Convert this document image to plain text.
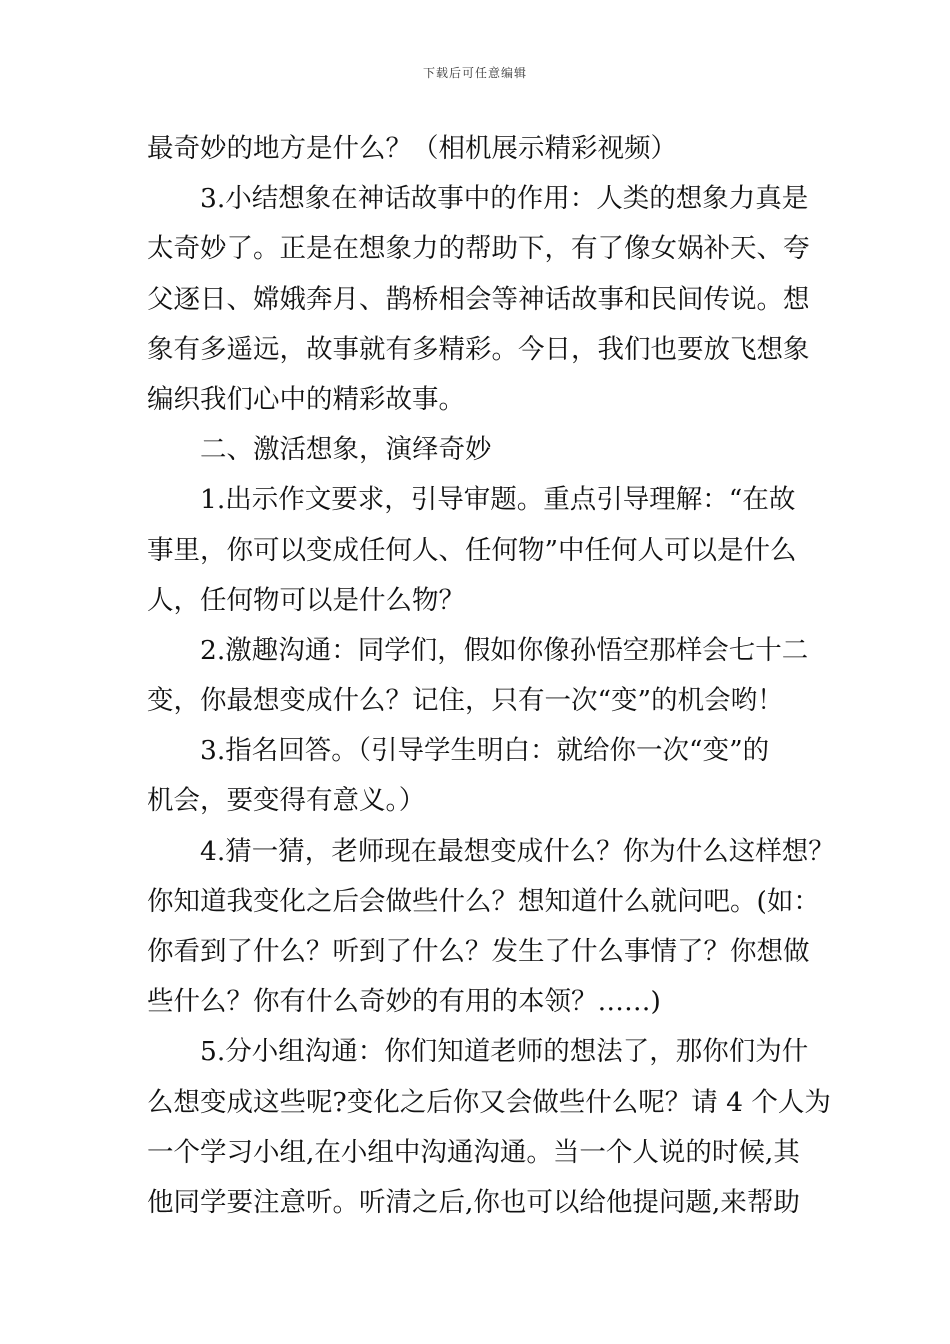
下载后可任意编辑
最奇妙的地方是什么？（相机展示精彩视频）
3.小结想象在神话故事中的作用：人类的想象力真是
太奇妙了。正是在想象力的帮助下，有了像女娲补天、夸
父逐日、嫦娥奔月、鹊桥相会等神话故事和民间传说。想
象有多遥远，故事就有多精彩。今日，我们也要放飞想象
编织我们心中的精彩故事。
二、激活想象，演绎奇妙
1.出示作文要求，引导审题。重点引导理解：“在故
事里，你可以变成任何人、任何物”中任何人可以是什么
人，任何物可以是什么物？
2.激趣沟通：同学们，假如你像孙悟空那样会七十二
变，你最想变成什么？记住，只有一次“变”的机会哟！
3.指名回答。（引导学生明白：就给你一次“变”的
机会，要变得有意义。）
4.猜一猜，老师现在最想变成什么？你为什么这样想？
你知道我变化之后会做些什么？想知道什么就问吧。(如：
你看到了什么？听到了什么？发生了什么事情了？你想做
些什么？你有什么奇妙的有用的本领？……)
5.分小组沟通：你们知道老师的想法了，那你们为什
么想变成这些呢?变化之后你又会做些什么呢？请 4 个人为
一个学习小组,在小组中沟通沟通。当一个人说的时候,其
他同学要注意听。听清之后,你也可以给他提问题,来帮助
